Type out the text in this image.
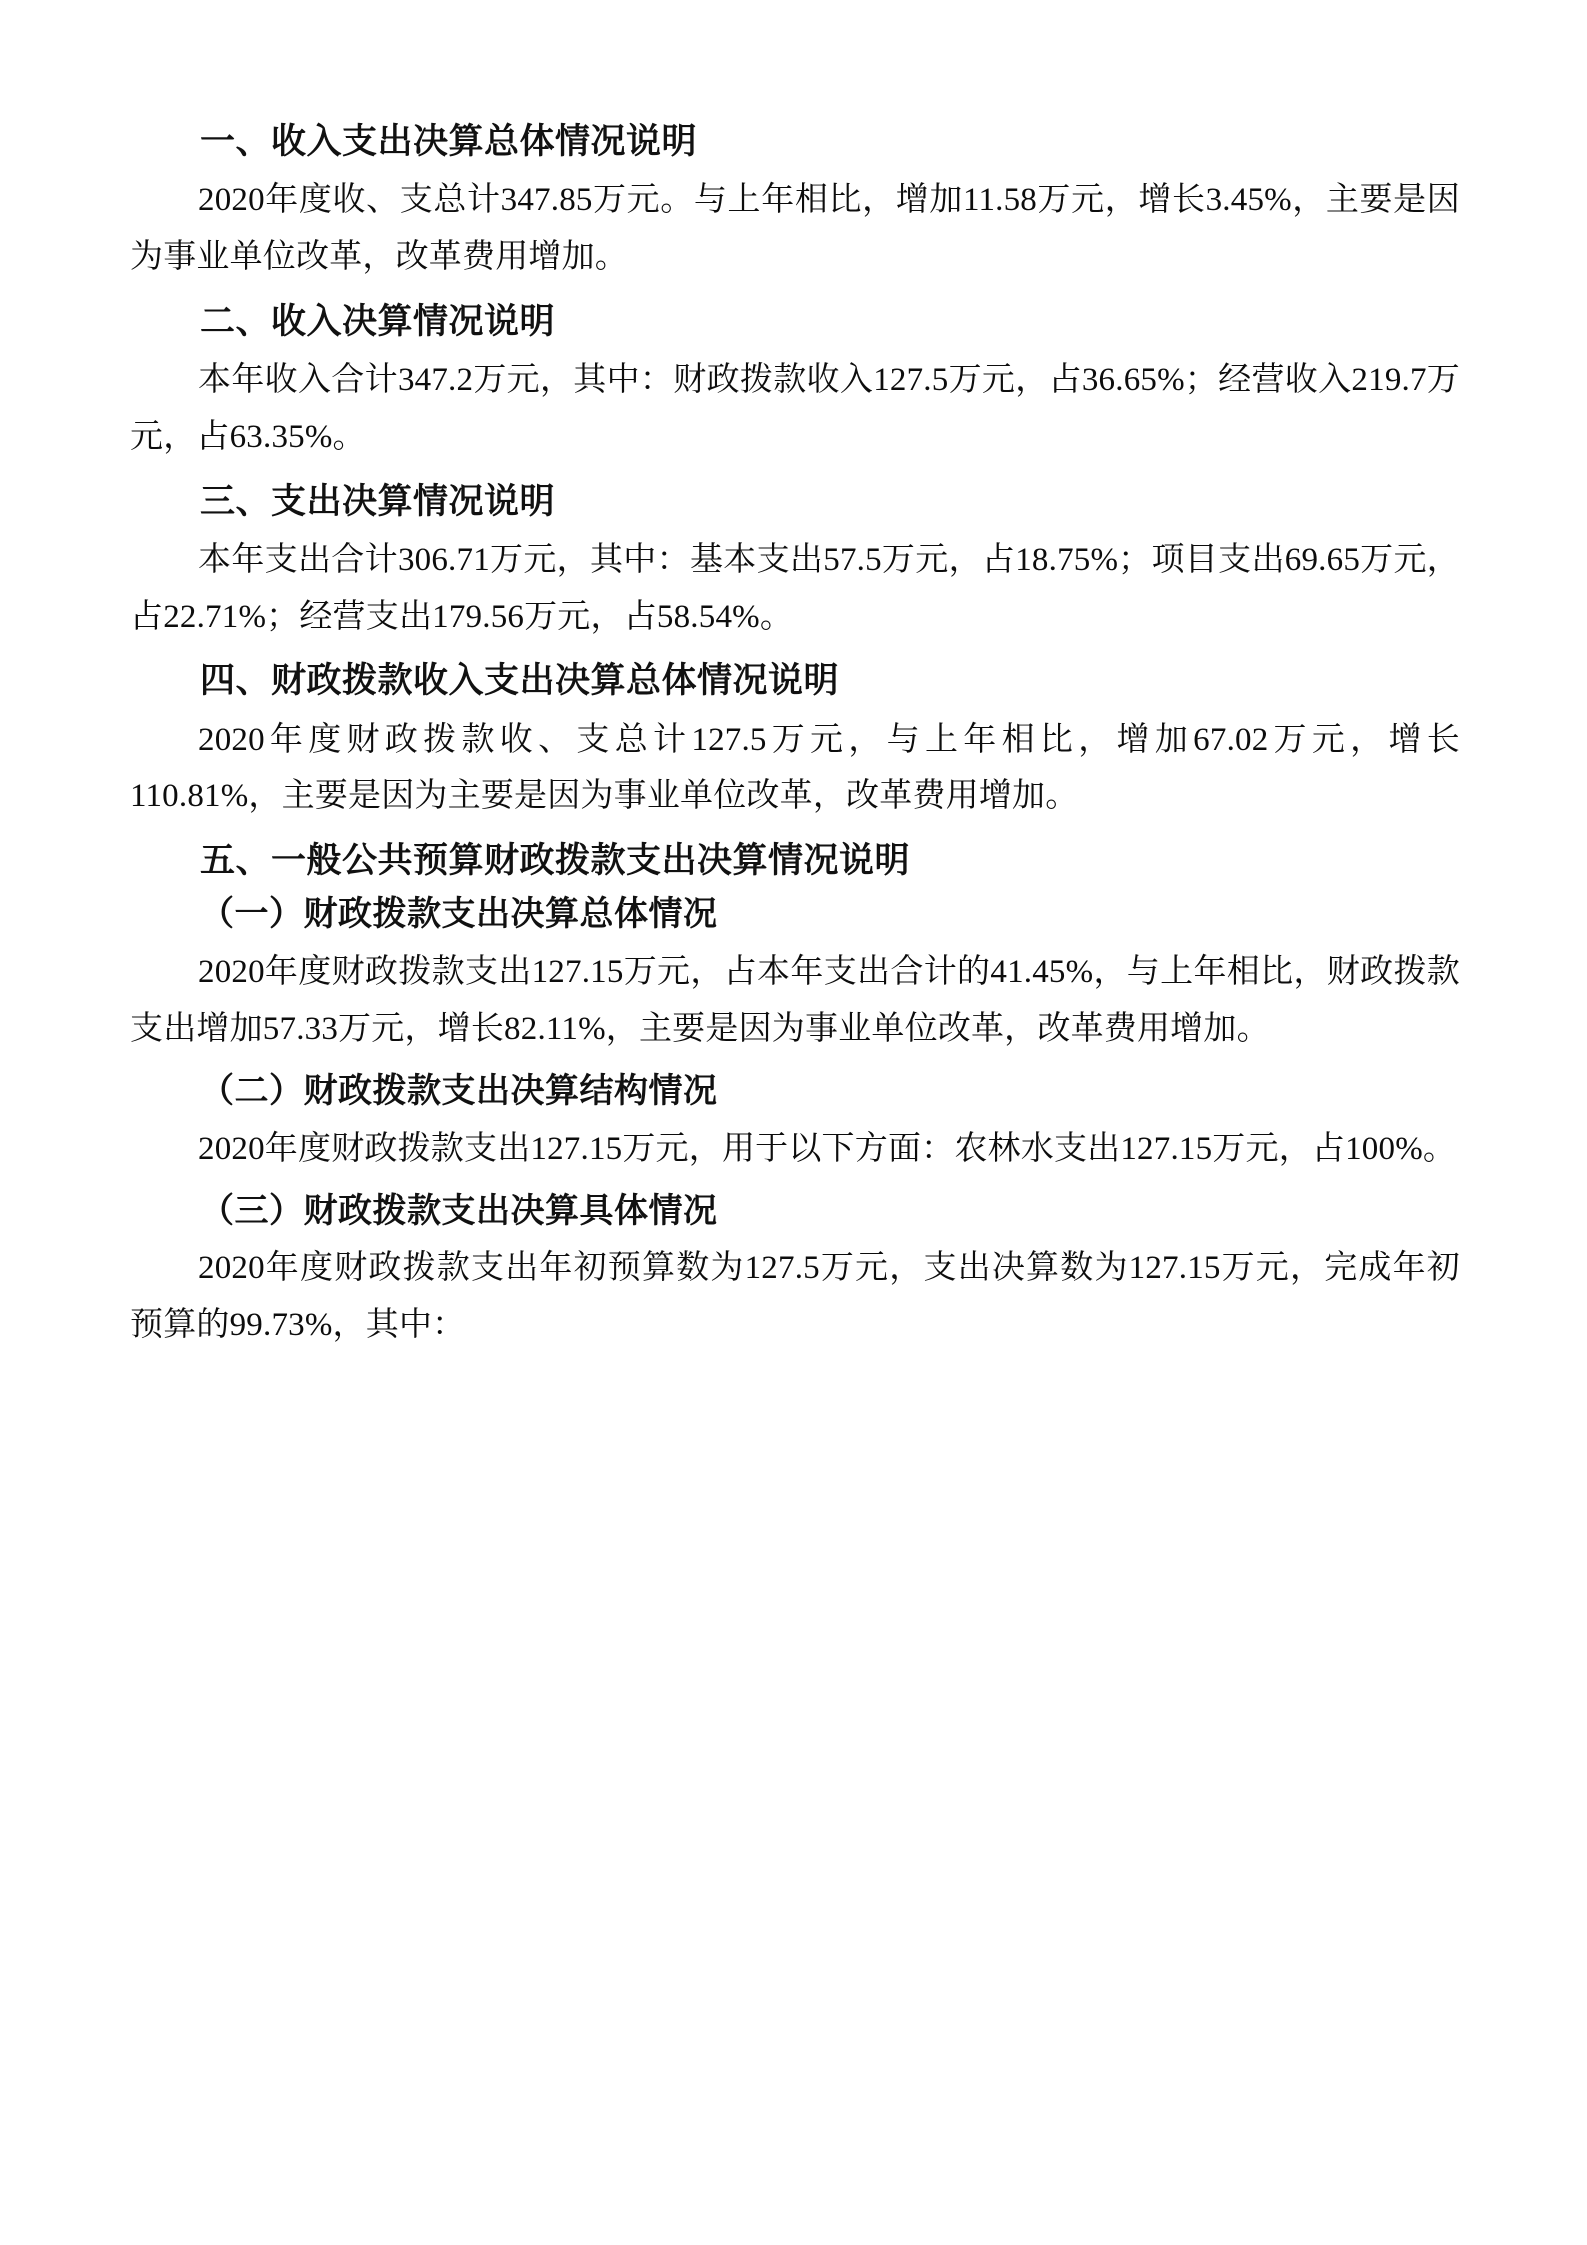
一、收入支出决算总体情况说明

2020年度收、支总计347.85万元。与上年相比，增加11.58万元，增长3.45%，主要是因为事业单位改革，改革费用增加。

二、收入决算情况说明

本年收入合计347.2万元，其中：财政拨款收入127.5万元，占36.65%；经营收入219.7万元，占63.35%。

三、支出决算情况说明

本年支出合计306.71万元，其中：基本支出57.5万元，占18.75%；项目支出69.65万元，占22.71%；经营支出179.56万元，占58.54%。

四、财政拨款收入支出决算总体情况说明

2020年度财政拨款收、支总计127.5万元，与上年相比，增加67.02万元，增长110.81%，主要是因为主要是因为事业单位改革，改革费用增加。

五、一般公共预算财政拨款支出决算情况说明
（一）财政拨款支出决算总体情况

2020年度财政拨款支出127.15万元，占本年支出合计的41.45%，与上年相比，财政拨款支出增加57.33万元，增长82.11%，主要是因为事业单位改革，改革费用增加。

（二）财政拨款支出决算结构情况

2020年度财政拨款支出127.15万元，用于以下方面：农林水支出127.15万元，占100%。

（三）财政拨款支出决算具体情况

2020年度财政拨款支出年初预算数为127.5万元，支出决算数为127.15万元，完成年初预算的99.73%，其中：
